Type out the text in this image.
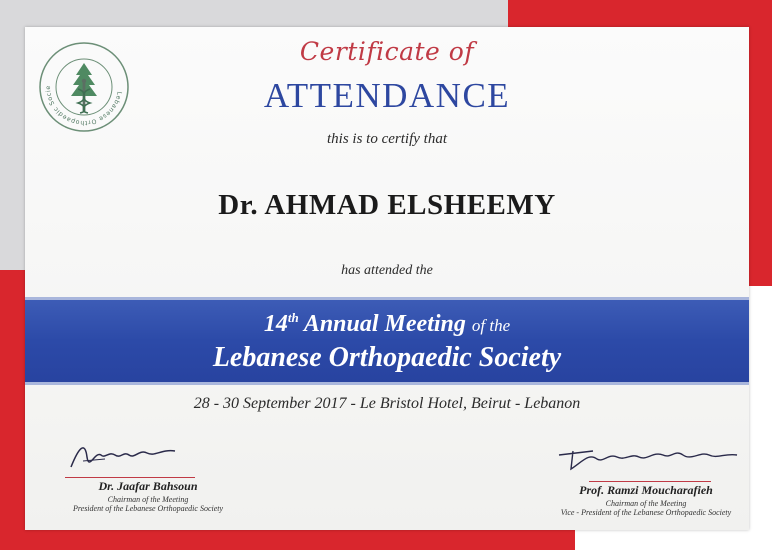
Lebanese Orthopaedic Socie
Certificate of
ATTENDANCE
this is to certify that
Dr. AHMAD ELSHEEMY
has attended the
14th Annual Meeting of the
Lebanese Orthopaedic Society
28 - 30 September 2017 - Le Bristol Hotel, Beirut - Lebanon
Dr. Jaafar Bahsoun
Chairman of the Meeting
President of the Lebanese Orthopaedic Society
Prof. Ramzi Moucharafieh
Chairman of the Meeting
Vice - President of the Lebanese Orthopaedic Society
